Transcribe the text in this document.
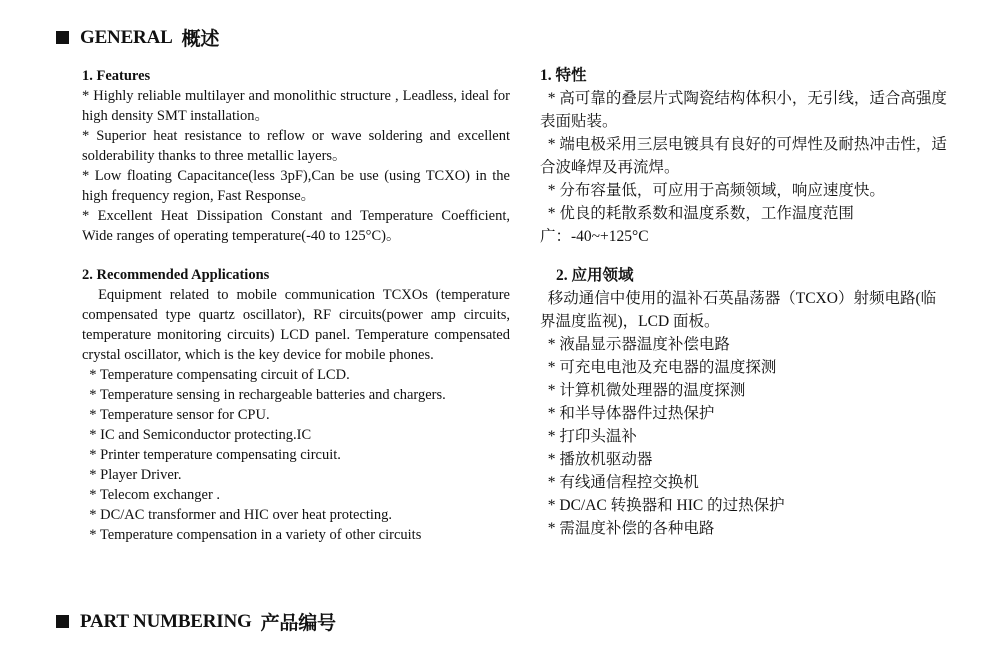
GENERAL 概述
1. Features
* Highly reliable multilayer and monolithic structure , Leadless, ideal for high density SMT installation。
* Superior heat resistance to reflow or wave soldering and excellent solderability thanks to three metallic layers。
* Low floating Capacitance(less 3pF),Can be use (using TCXO) in the high frequency region, Fast Response。
* Excellent Heat Dissipation Constant and Temperature Coefficient, Wide ranges of operating temperature(-40 to 125°C)。
2. Recommended Applications
Equipment related to mobile communication TCXOs (temperature compensated type quartz oscillator), RF circuits(power amp circuits, temperature monitoring circuits) LCD panel. Temperature compensated crystal oscillator, which is the key device for mobile phones.
* Temperature compensating circuit of LCD.
* Temperature sensing in rechargeable batteries and chargers.
* Temperature sensor for CPU.
* IC and Semiconductor protecting.IC
* Printer temperature compensating circuit.
* Player Driver.
* Telecom exchanger .
* DC/AC transformer and HIC over heat protecting.
* Temperature compensation in a variety of other circuits
1. 特性
* 高可靠的叠层片式陶瓷结构体积小，无引线，适合高强度表面贴装。
* 端电极采用三层电镀具有良好的可焊性及耐热冲击性，适合波峰焊及再流焊。
* 分布容量低，可应用于高频领域，响应速度快。
* 优良的耗散系数和温度系数，工作温度范围广：-40~+125°C
2. 应用领域
移动通信中使用的温补石英晶荡器（TCXO）射频电路(临界温度监视)，LCD 面板。
* 液晶显示器温度补偿电路
* 可充电电池及充电器的温度探测
* 计算机微处理器的温度探测
* 和半导体器件过热保护
* 打印头温补
* 播放机驱动器
* 有线通信程控交换机
* DC/AC 转换器和 HIC 的过热保护
* 需温度补偿的各种电路
PART NUMBERING 产品编号
